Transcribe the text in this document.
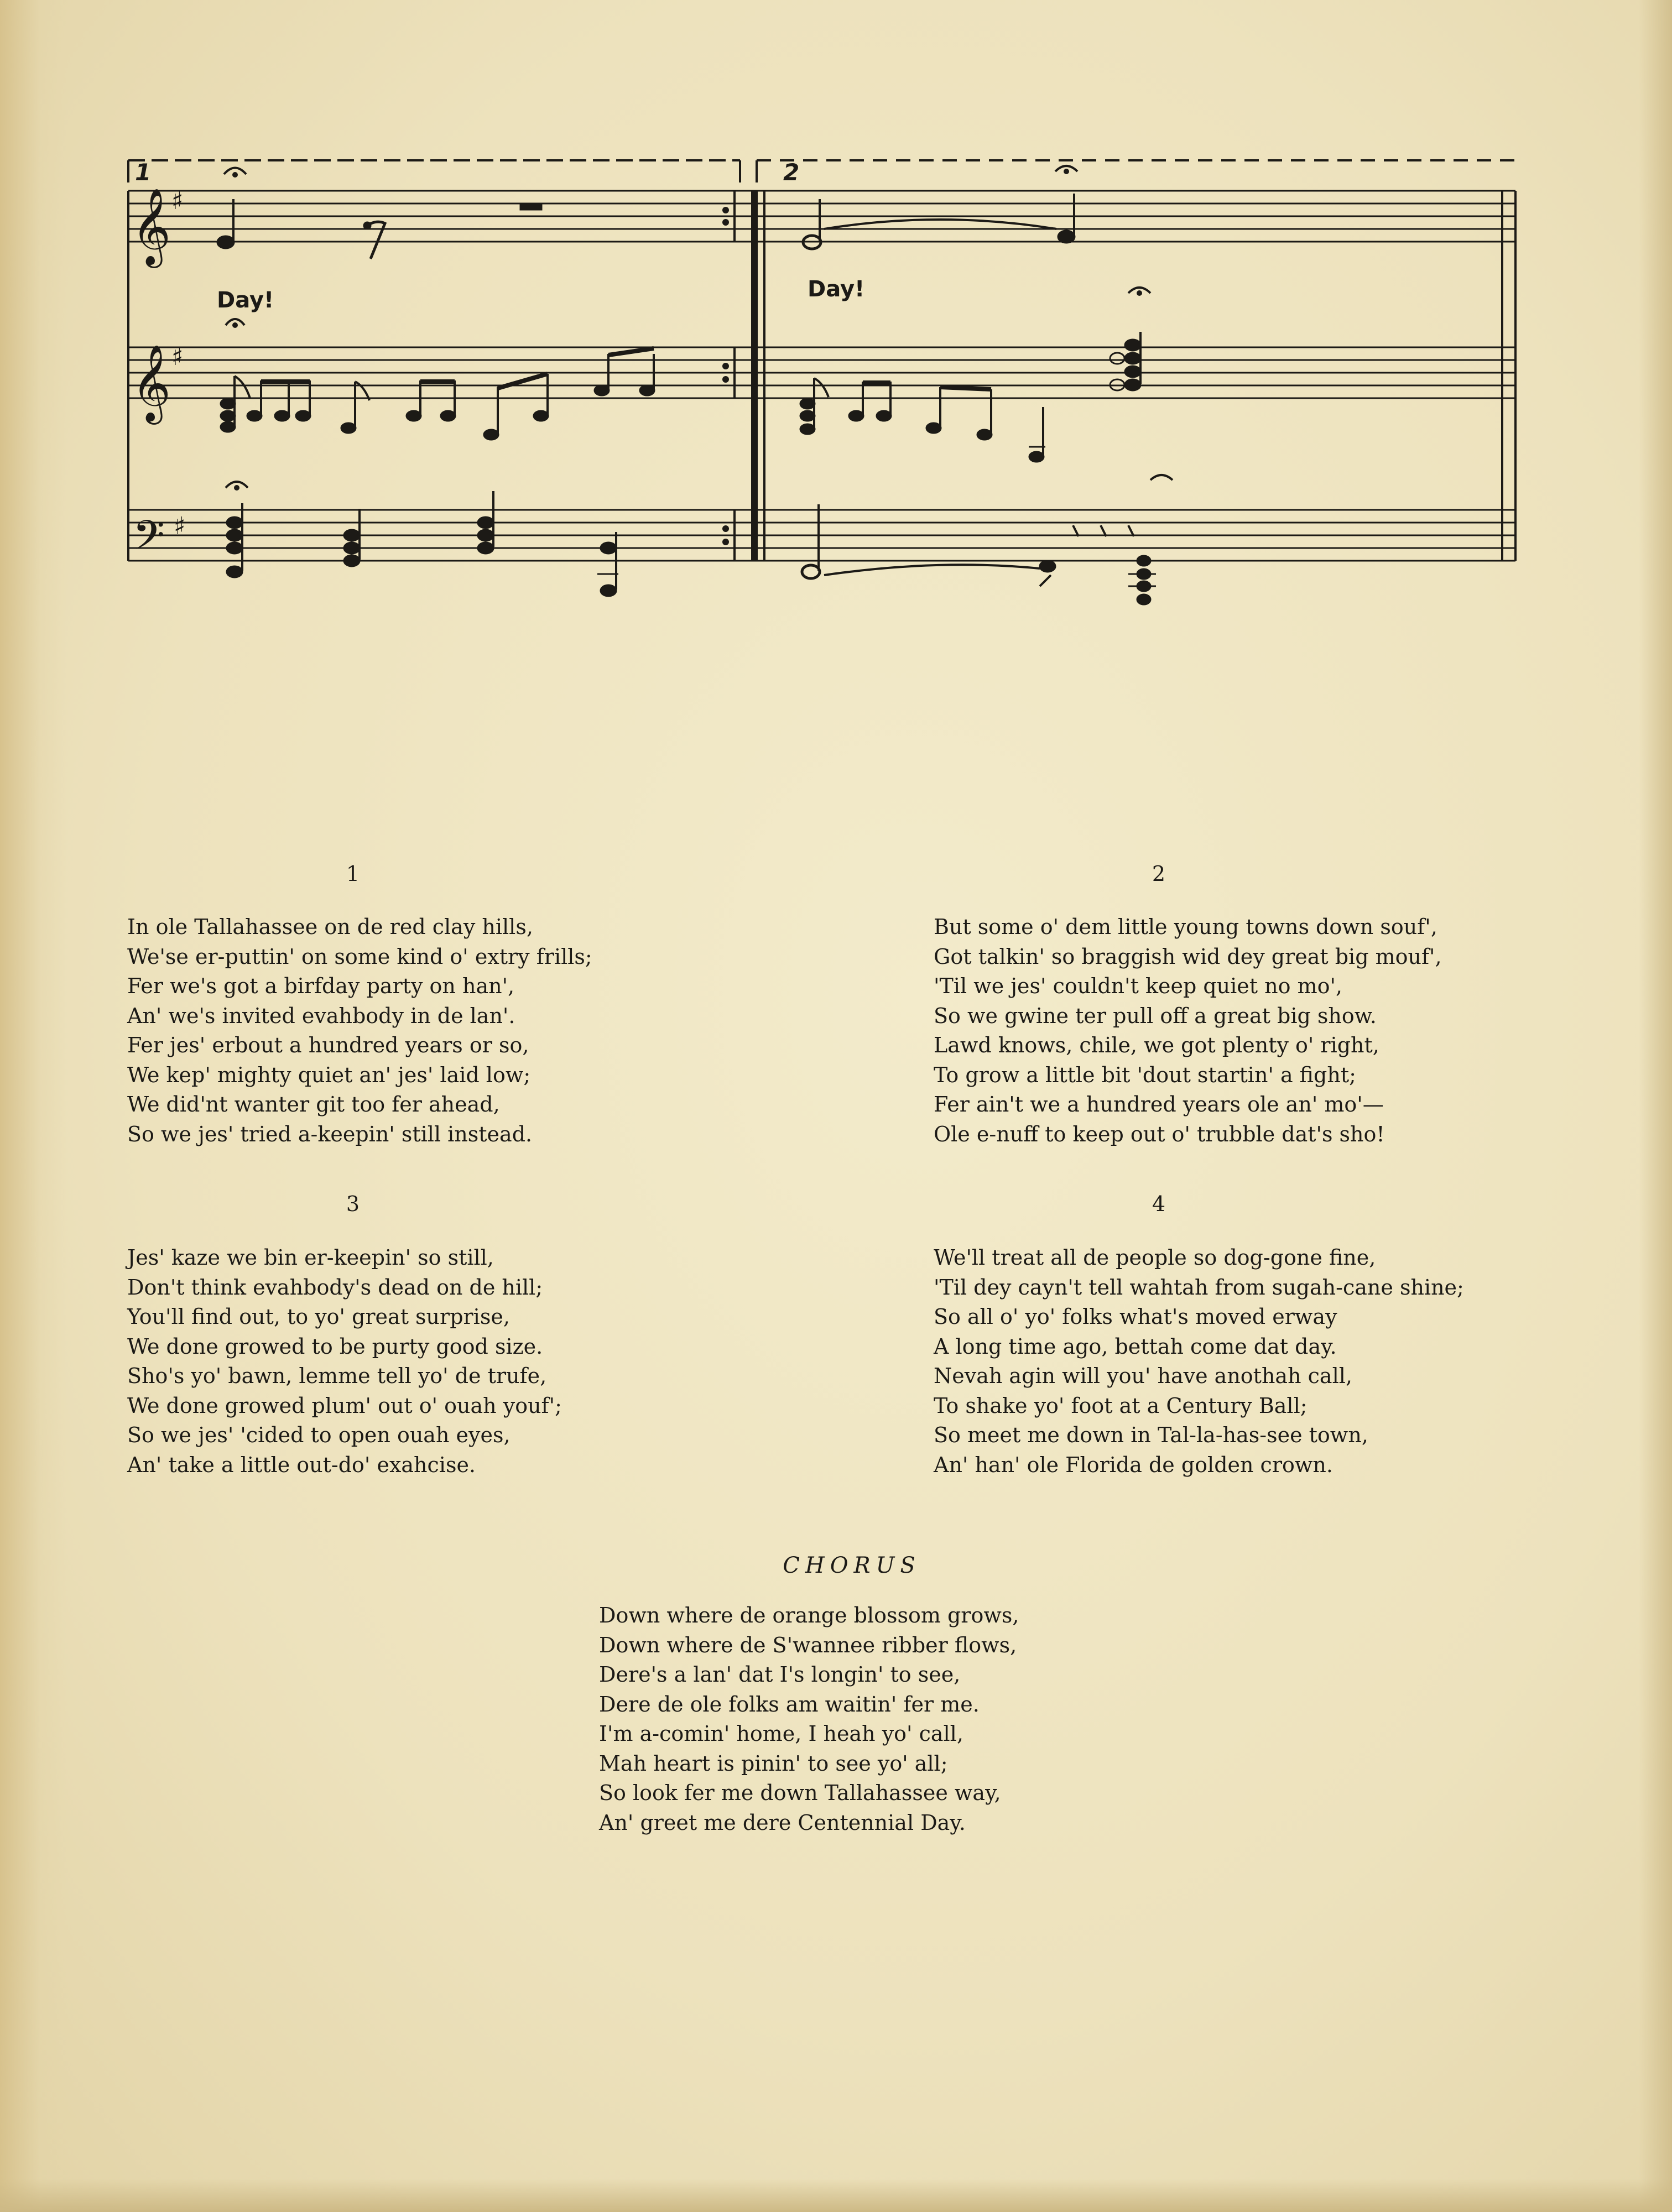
𝄞
𝄞
𝄢
♯
♯
♯
1	2
Day!	Day!
1
In ole Tallahassee on de red clay hills,
We'se er-puttin' on some kind o' extry frills;
Fer we's got a birfday party on han',
An' we's invited evahbody in de lan'.
Fer jes' erbout a hundred years or so,
We kep' mighty quiet an' jes' laid low;
We did'nt wanter git too fer ahead,
So we jes' tried a-keepin' still instead.
2
But some o' dem little young towns down souf',
Got talkin' so braggish wid dey great big mouf',
'Til we jes' couldn't keep quiet no mo',
So we gwine ter pull off a great big show.
Lawd knows, chile, we got plenty o' right,
To grow a little bit 'dout startin' a fight;
Fer ain't we a hundred years ole an' mo'—
Ole e-nuff to keep out o' trubble dat's sho!
3
Jes' kaze we bin er-keepin' so still,
Don't think evahbody's dead on de hill;
You'll find out, to yo' great surprise,
We done growed to be purty good size.
Sho's yo' bawn, lemme tell yo' de trufe,
We done growed plum' out o' ouah youf';
So we jes' 'cided to open ouah eyes,
An' take a little out-do' exahcise.
4
We'll treat all de people so dog-gone fine,
'Til dey cayn't tell wahtah from sugah-cane shine;
So all o' yo' folks what's moved erway
A long time ago, bettah come dat day.
Nevah agin will you' have anothah call,
To shake yo' foot at a Century Ball;
So meet me down in Tal-la-has-see town,
An' han' ole Florida de golden crown.
CHORUS
Down where de orange blossom grows,
Down where de S'wannee ribber flows,
Dere's a lan' dat I's longin' to see,
Dere de ole folks am waitin' fer me.
I'm a-comin' home, I heah yo' call,
Mah heart is pinin' to see yo' all;
So look fer me down Tallahassee way,
An' greet me dere Centennial Day.
